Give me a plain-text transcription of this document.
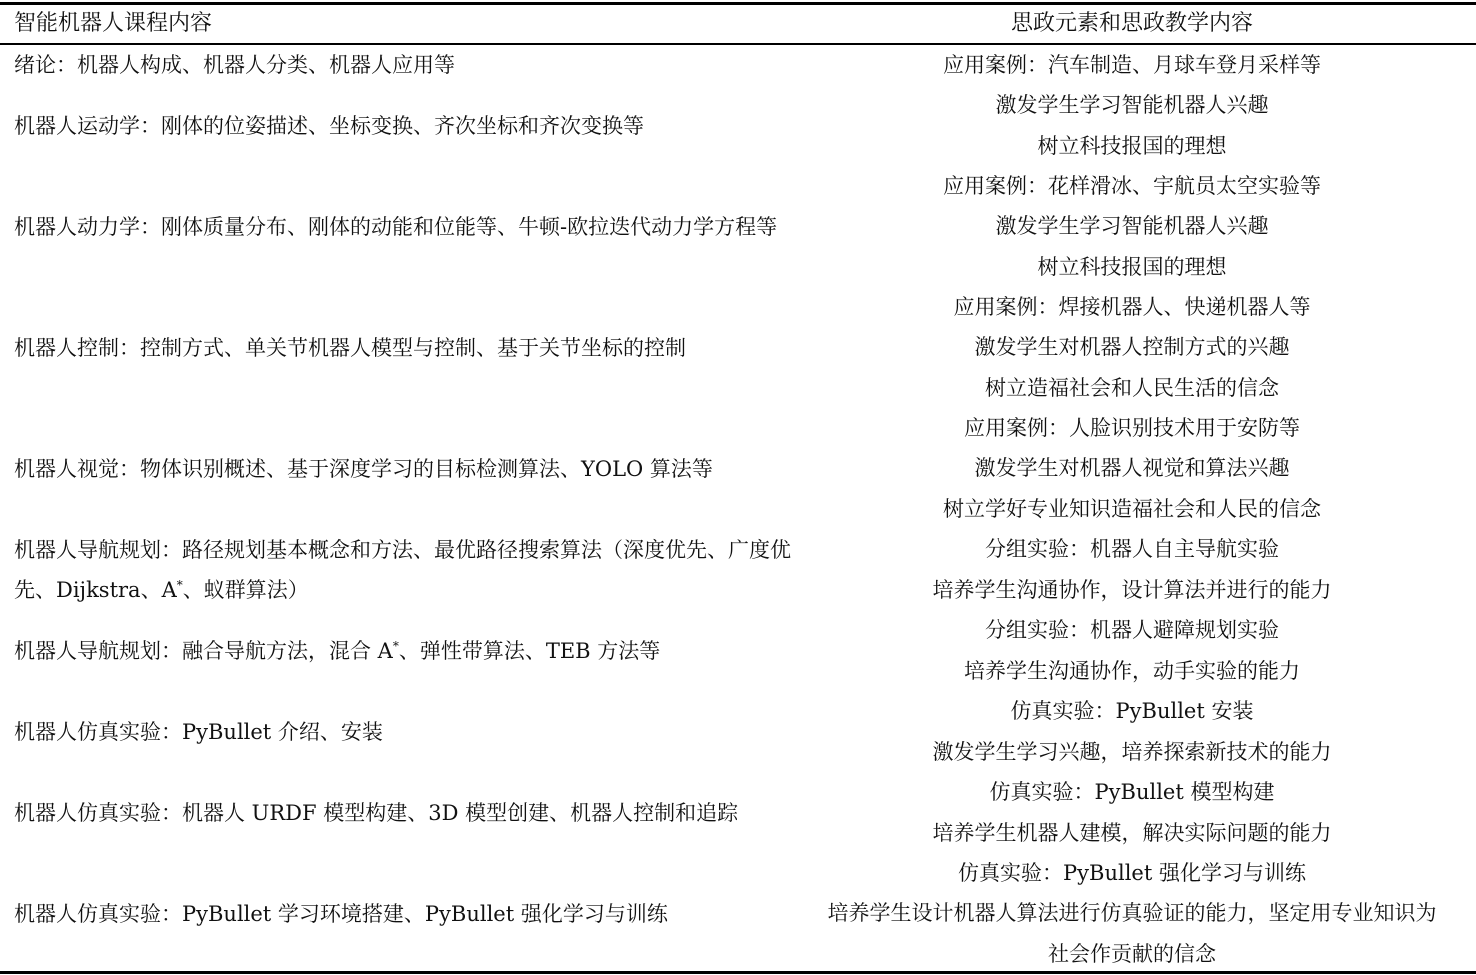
智能机器人课程内容	思政元素和思政教学内容
绪论：机器人构成、机器人分类、机器人应用等	应用案例：汽车制造、月球车登月采样等
机器人运动学：刚体的位姿描述、坐标变换、齐次坐标和齐次变换等
激发学生学习智能机器人兴趣
树立科技报国的理想
机器人动力学：刚体质量分布、刚体的动能和位能等、牛顿-欧拉迭代动力学方程等
应用案例：花样滑冰、宇航员太空实验等
激发学生学习智能机器人兴趣
树立科技报国的理想
机器人控制：控制方式、单关节机器人模型与控制、基于关节坐标的控制
应用案例：焊接机器人、快递机器人等
激发学生对机器人控制方式的兴趣
树立造福社会和人民生活的信念
机器人视觉：物体识别概述、基于深度学习的目标检测算法、YOLO 算法等
应用案例：人脸识别技术用于安防等
激发学生对机器人视觉和算法兴趣
树立学好专业知识造福社会和人民的信念
机器人导航规划：路径规划基本概念和方法、最优路径搜索算法（深度优先、广度优先、Dijkstra、A*、蚁群算法）
分组实验：机器人自主导航实验
培养学生沟通协作，设计算法并进行的能力
机器人导航规划：融合导航方法，混合 A*、弹性带算法、TEB 方法等
分组实验：机器人避障规划实验
培养学生沟通协作，动手实验的能力
机器人仿真实验：PyBullet 介绍、安装
仿真实验：PyBullet 安装
激发学生学习兴趣，培养探索新技术的能力
机器人仿真实验：机器人 URDF 模型构建、3D 模型创建、机器人控制和追踪
仿真实验：PyBullet 模型构建
培养学生机器人建模，解决实际问题的能力
机器人仿真实验：PyBullet 学习环境搭建、PyBullet 强化学习与训练
仿真实验：PyBullet 强化学习与训练
培养学生设计机器人算法进行仿真验证的能力，坚定用专业知识为
社会作贡献的信念
